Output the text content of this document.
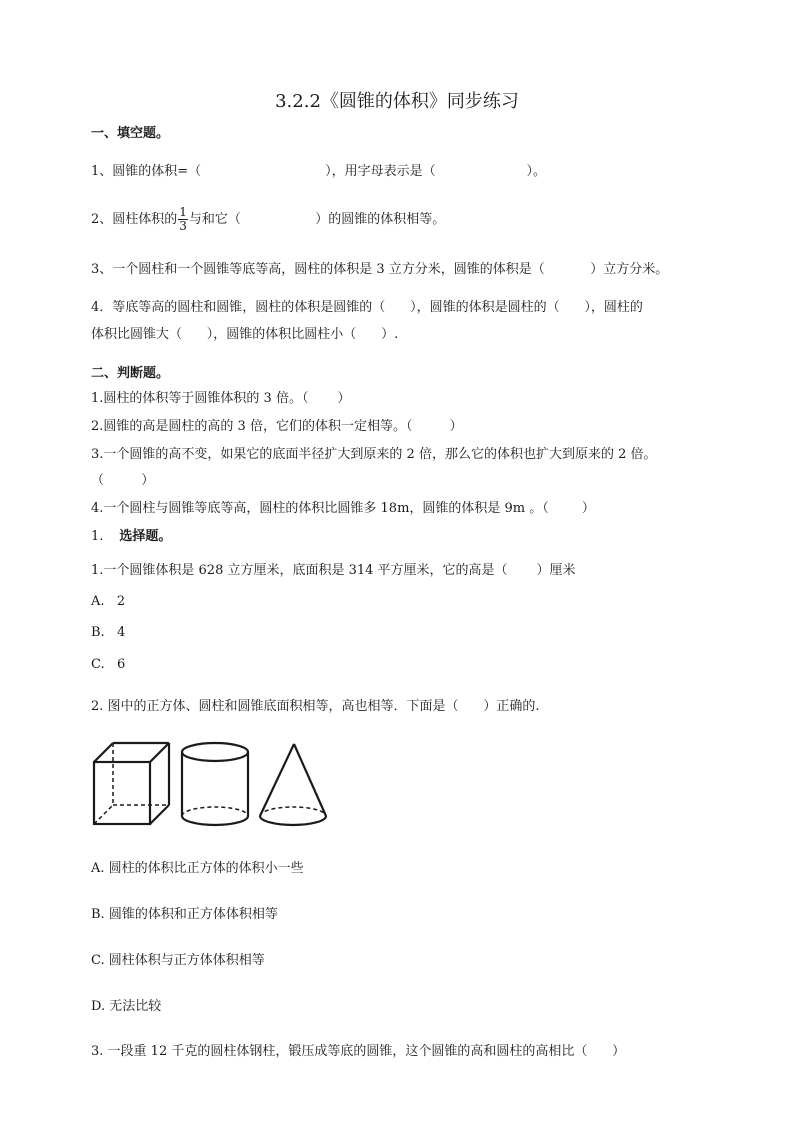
3.2.2《圆锥的体积》同步练习
一、填空题。
1、圆锥的体积=（                              ），用字母表示是（                      ）。
2、圆柱体积的 $\frac{1}{3}$ 与和它（                  ）的圆锥的体积相等。
3、一个圆柱和一个圆锥等底等高，圆柱的体积是 3 立方分米，圆锥的体积是（           ）立方分米。
4．等底等高的圆柱和圆锥，圆柱的体积是圆锥的（      ），圆锥的体积是圆柱的（      ），圆柱的
体积比圆锥大（      ），圆锥的体积比圆柱小（      ）.
二、判断题。
1.圆柱的体积等于圆锥体积的 3 倍。（       ）
2.圆锥的高是圆柱的高的 3 倍，它们的体积一定相等。（         ）
3.一个圆锥的高不变，如果它的底面半径扩大到原来的 2 倍，那么它的体积也扩大到原来的 2 倍。
（         ）
4.一个圆柱与圆锥等底等高，圆柱的体积比圆锥多 18m，圆锥的体积是 9m 。（        ）
1. 选择题。
1.一个圆锥体积是 628 立方厘米，底面积是 314 平方厘米，它的高是（       ）厘米
A.   2
B.   4
C.   6
2. 图中的正方体、圆柱和圆锥底面积相等，高也相等．下面是（      ）正确的.
A. 圆柱的体积比正方体的体积小一些
B. 圆锥的体积和正方体体积相等
C. 圆柱体积与正方体体积相等
D. 无法比较
3. 一段重 12 千克的圆柱体钢柱，锻压成等底的圆锥，这个圆锥的高和圆柱的高相比（      ）
